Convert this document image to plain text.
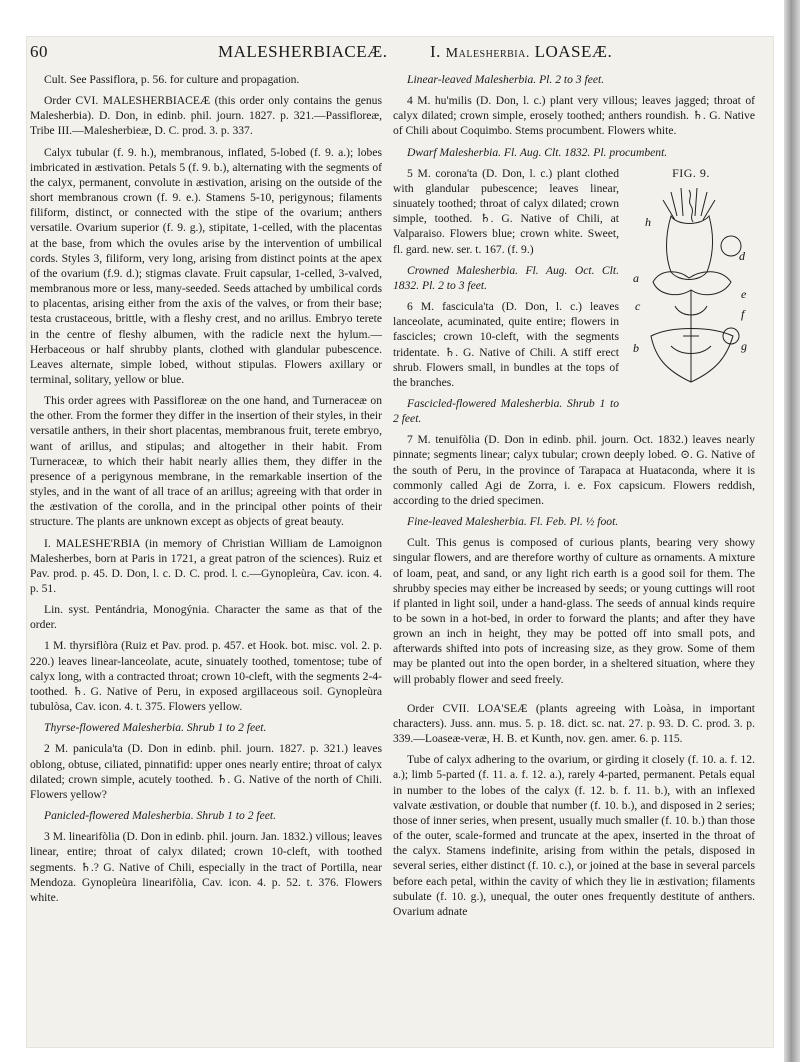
60	MALESHERBIACEÆ.	I. Malesherbia. LOASEÆ.

Cult. See Passiflora, p. 56. for culture and propagation.

Order CVI. MALESHERBIACEÆ (this order only contains the genus Malesherbia). D. Don, in edinb. phil. journ. 1827. p. 321.—Passifloreæ, Tribe III.—Malesherbieæ, D. C. prod. 3. p. 337.

Calyx tubular (f. 9. h.), membranous, inflated, 5-lobed (f. 9. a.); lobes imbricated in æstivation. Petals 5 (f. 9. b.), alternating with the segments of the calyx, permanent, convolute in æstivation, arising on the outside of the short membranous crown (f. 9. e.). Stamens 5-10, perigynous; filaments filiform, distinct, or connected with the stipe of the ovarium; anthers versatile. Ovarium superior (f. 9. g.), stipitate, 1-celled, with the placentas at the base, from which the ovules arise by the intervention of umbilical cords. Styles 3, filiform, very long, arising from distinct points at the apex of the ovarium (f.9. d.); stigmas clavate. Fruit capsular, 1-celled, 3-valved, membranous more or less, many-seeded. Seeds attached by umbilical cords to placentas, arising either from the axis of the valves, or from their base; testa crustaceous, brittle, with a fleshy crest, and no arillus. Embryo terete in the centre of fleshy albumen, with the radicle next the hylum.—Herbaceous or half shrubby plants, clothed with glandular pubescence. Leaves alternate, simple lobed, without stipulas. Flowers axillary or terminal, solitary, yellow or blue.

This order agrees with Passifloreæ on the one hand, and Turneraceæ on the other. From the former they differ in the insertion of their styles, in their versatile anthers, in their short placentas, membranous fruit, terete embryo, want of arillus, and stipulas; and altogether in their habit. From Turneraceæ, to which their habit nearly allies them, they differ in the presence of a perigynous membrane, in the remarkable insertion of the styles, and in the want of all trace of an arillus; agreeing with that order in the æstivation of the corolla, and in the principal other points of their structure. The plants are unknown except as objects of great beauty.

I. MALESHE'RBIA (in memory of Christian William de Lamoignon Malesherbes, born at Paris in 1721, a great patron of the sciences). Ruiz et Pav. prod. p. 45. D. Don, l. c. D. C. prod. l. c.—Gynopleùra, Cav. icon. 4. p. 51.

Lin. syst. Pentándria, Monogýnia. Character the same as that of the order.

1 M. thyrsiflòra (Ruiz et Pav. prod. p. 457. et Hook. bot. misc. vol. 2. p. 220.) leaves linear-lanceolate, acute, sinuately toothed, tomentose; tube of calyx long, with a contracted throat; crown 10-cleft, with the segments 2-4-toothed. ♄. G. Native of Peru, in exposed argillaceous soil. Gynopleùra tubulòsa, Cav. icon. 4. t. 375. Flowers yellow.

Thyrse-flowered Malesherbia. Shrub 1 to 2 feet.

2 M. panicula'ta (D. Don in edinb. phil. journ. 1827. p. 321.) leaves oblong, obtuse, ciliated, pinnatifid: upper ones nearly entire; throat of calyx dilated; crown simple, acutely toothed. ♄. G. Native of the north of Chili. Flowers yellow?

Panicled-flowered Malesherbia. Shrub 1 to 2 feet.

3 M. linearifòlia (D. Don in edinb. phil. journ. Jan. 1832.) villous; leaves linear, entire; throat of calyx dilated; crown 10-cleft, with toothed segments. ♄.? G. Native of Chili, especially in the tract of Portilla, near Mendoza. Gynopleùra linearifòlia, Cav. icon. 4. p. 52. t. 376. Flowers white.

Linear-leaved Malesherbia. Pl. 2 to 3 feet.

4 M. hu'milis (D. Don, l. c.) plant very villous; leaves jagged; throat of calyx dilated; crown simple, erosely toothed; anthers roundish. ♄. G. Native of Chili about Coquimbo. Stems procumbent. Flowers white.

Dwarf Malesherbia. Fl. Aug. Clt. 1832. Pl. procumbent.

FIG. 9.
h
d
a
e
c
f
g
b

5 M. corona'ta (D. Don, l. c.) plant clothed with glandular pubescence; leaves linear, sinuately toothed; throat of calyx dilated; crown simple, toothed. ♄. G. Native of Chili, at Valparaiso. Flowers blue; crown white. Sweet, fl. gard. new. ser. t. 167. (f. 9.)

Crowned Malesherbia. Fl. Aug. Oct. Clt. 1832. Pl. 2 to 3 feet.

6 M. fascicula'ta (D. Don, l. c.) leaves lanceolate, acuminated, quite entire; flowers in fascicles; crown 10-cleft, with the segments tridentate. ♄. G. Native of Chili. A stiff erect shrub. Flowers small, in bundles at the tops of the branches.

Fascicled-flowered Malesherbia. Shrub 1 to 2 feet.

7 M. tenuifòlia (D. Don in edinb. phil. journ. Oct. 1832.) leaves nearly pinnate; segments linear; calyx tubular; crown deeply lobed. ⊙. G. Native of the south of Peru, in the province of Tarapaca at Huataconda, where it is commonly called Agi de Zorra, i. e. Fox capsicum. Flowers reddish, according to the dried specimen.

Fine-leaved Malesherbia. Fl. Feb. Pl. ½ foot.

Cult. This genus is composed of curious plants, bearing very showy singular flowers, and are therefore worthy of culture as ornaments. A mixture of loam, peat, and sand, or any light rich earth is a good soil for them. The shrubby species may either be increased by seeds; or young cuttings will root if planted in light soil, under a hand-glass. The seeds of annual kinds require to be sown in a hot-bed, in order to forward the plants; and after they have grown an inch in height, they may be potted off into small pots, and afterwards shifted into pots of increasing size, as they grow. Some of them may be planted out into the open border, in a sheltered situation, where they will probably flower and seed freely.

Order CVII. LOA'SEÆ (plants agreeing with Loàsa, in important characters). Juss. ann. mus. 5. p. 18. dict. sc. nat. 27. p. 93. D. C. prod. 3. p. 339.—Loaseæ-veræ, H. B. et Kunth, nov. gen. amer. 6. p. 115.

Tube of calyx adhering to the ovarium, or girding it closely (f. 10. a. f. 12. a.); limb 5-parted (f. 11. a. f. 12. a.), rarely 4-parted, permanent. Petals equal in number to the lobes of the calyx (f. 12. b. f. 11. b.), with an inflexed valvate æstivation, or double that number (f. 10. b.), and disposed in 2 series; those of inner series, when present, usually much smaller (f. 10. b.) than those of the outer, scale-formed and truncate at the apex, inserted in the throat of the calyx. Stamens indefinite, arising from within the petals, disposed in several series, either distinct (f. 10. c.), or joined at the base in several parcels before each petal, within the cavity of which they lie in æstivation; filaments subulate (f. 10. g.), unequal, the outer ones frequently destitute of anthers. Ovarium adnate
